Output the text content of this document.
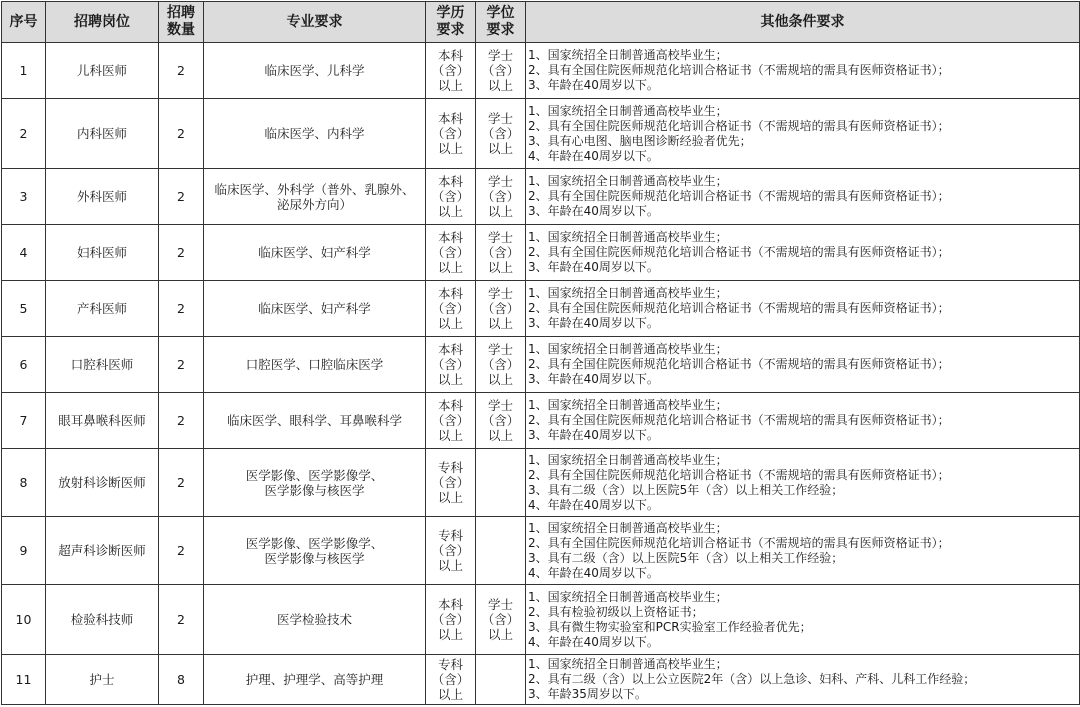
序号	招聘岗位	招聘
数量	专业要求	学历
要求	学位
要求	其他条件要求
1	儿科医师	2	临床医学、儿科学	本科
（含）
以上	学士
（含）
以上	1、国家统招全日制普通高校毕业生；
2、具有全国住院医师规范化培训合格证书（不需规培的需具有医师资格证书）；
3、年龄在40周岁以下。
2	内科医师	2	临床医学、内科学	本科
（含）
以上	学士
（含）
以上	1、国家统招全日制普通高校毕业生；
2、具有全国住院医师规范化培训合格证书（不需规培的需具有医师资格证书）；
3、具有心电图、脑电图诊断经验者优先；
4、年龄在40周岁以下。
3	外科医师	2	临床医学、外科学（普外、乳腺外、
泌尿外方向）	本科
（含）
以上	学士
（含）
以上	1、国家统招全日制普通高校毕业生；
2、具有全国住院医师规范化培训合格证书（不需规培的需具有医师资格证书）；
3、年龄在40周岁以下。
4	妇科医师	2	临床医学、妇产科学	本科
（含）
以上	学士
（含）
以上	1、国家统招全日制普通高校毕业生；
2、具有全国住院医师规范化培训合格证书（不需规培的需具有医师资格证书）；
3、年龄在40周岁以下。
5	产科医师	2	临床医学、妇产科学	本科
（含）
以上	学士
（含）
以上	1、国家统招全日制普通高校毕业生；
2、具有全国住院医师规范化培训合格证书（不需规培的需具有医师资格证书）；
3、年龄在40周岁以下。
6	口腔科医师	2	口腔医学、口腔临床医学	本科
（含）
以上	学士
（含）
以上	1、国家统招全日制普通高校毕业生；
2、具有全国住院医师规范化培训合格证书（不需规培的需具有医师资格证书）；
3、年龄在40周岁以下。
7	眼耳鼻喉科医师	2	临床医学、眼科学、耳鼻喉科学	本科
（含）
以上	学士
（含）
以上	1、国家统招全日制普通高校毕业生；
2、具有全国住院医师规范化培训合格证书（不需规培的需具有医师资格证书）；
3、年龄在40周岁以下。
8	放射科诊断医师	2	医学影像、医学影像学、
医学影像与核医学	专科
（含）
以上		1、国家统招全日制普通高校毕业生；
2、具有全国住院医师规范化培训合格证书（不需规培的需具有医师资格证书）；
3、具有二级（含）以上医院5年（含）以上相关工作经验；
4、年龄在40周岁以下。
9	超声科诊断医师	2	医学影像、医学影像学、
医学影像与核医学	专科
（含）
以上		1、国家统招全日制普通高校毕业生；
2、具有全国住院医师规范化培训合格证书（不需规培的需具有医师资格证书）；
3、具有二级（含）以上医院5年（含）以上相关工作经验；
4、年龄在40周岁以下。
10	检验科技师	2	医学检验技术	本科
（含）
以上	学士
（含）
以上	1、国家统招全日制普通高校毕业生；
2、具有检验初级以上资格证书；
3、具有微生物实验室和PCR实验室工作经验者优先；
4、年龄在40周岁以下。
11	护士	8	护理、护理学、高等护理	专科
（含）
以上		1、国家统招全日制普通高校毕业生；
2、具有二级（含）以上公立医院2年（含）以上急诊、妇科、产科、儿科工作经验；
3、年龄35周岁以下。
